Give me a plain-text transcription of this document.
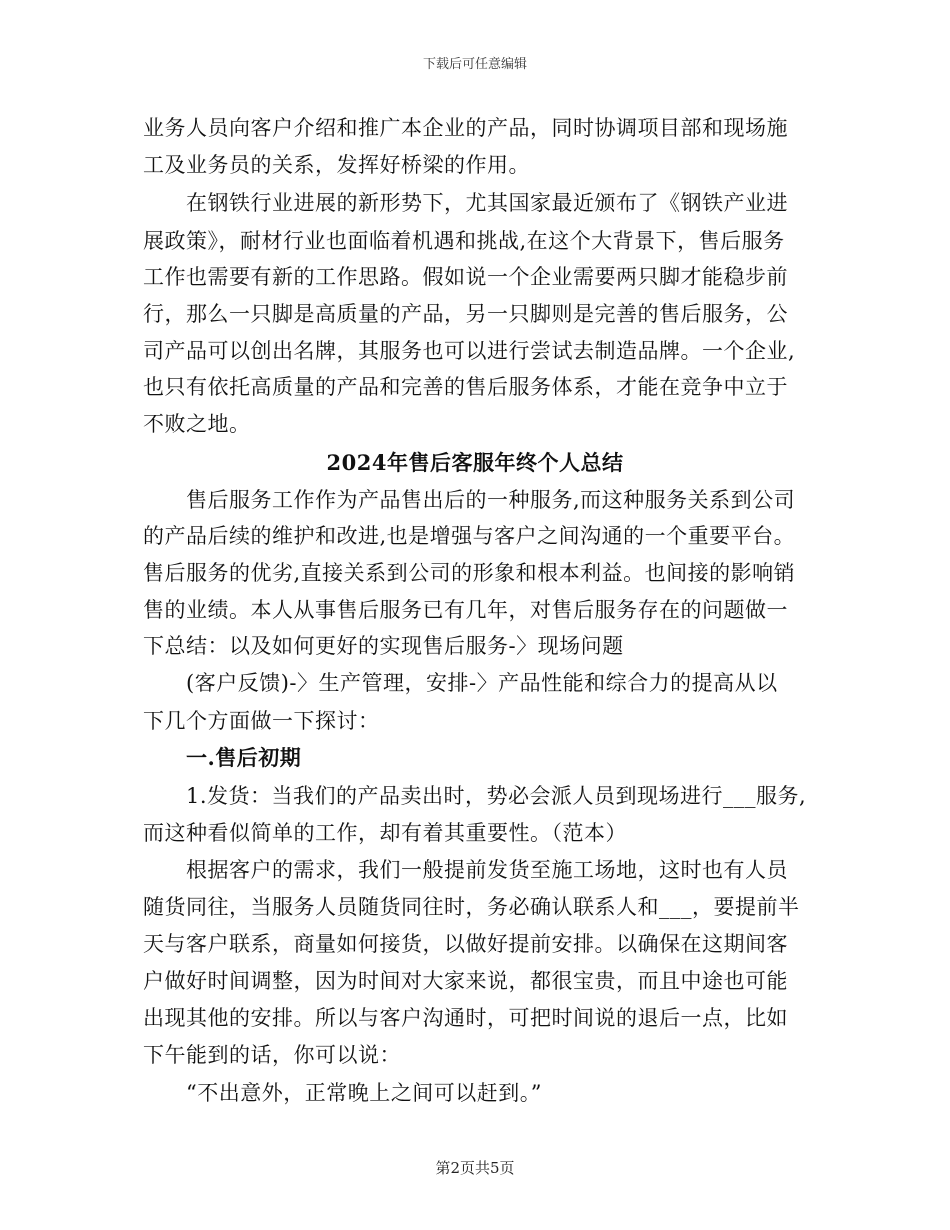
下载后可任意编辑
业务人员向客户介绍和推广本企业的产品，同时协调项目部和现场施
工及业务员的关系，发挥好桥梁的作用。
在钢铁行业进展的新形势下，尤其国家最近颁布了《钢铁产业进
展政策》，耐材行业也面临着机遇和挑战,在这个大背景下，售后服务
工作也需要有新的工作思路。假如说一个企业需要两只脚才能稳步前
行，那么一只脚是高质量的产品，另一只脚则是完善的售后服务，公
司产品可以创出名牌，其服务也可以进行尝试去制造品牌。一个企业,
也只有依托高质量的产品和完善的售后服务体系，才能在竞争中立于
不败之地。
2024年售后客服年终个人总结
售后服务工作作为产品售出后的一种服务,而这种服务关系到公司
的产品后续的维护和改进,也是增强与客户之间沟通的一个重要平台。
售后服务的优劣,直接关系到公司的形象和根本利益。也间接的影响销
售的业绩。本人从事售后服务已有几年，对售后服务存在的问题做一
下总结：以及如何更好的实现售后服务-〉现场问题
(客户反馈)-〉生产管理，安排-〉产品性能和综合力的提高从以
下几个方面做一下探讨：
一.售后初期
1.发货：当我们的产品卖出时，势必会派人员到现场进行___服务,
而这种看似简单的工作，却有着其重要性。（范本）
根据客户的需求，我们一般提前发货至施工场地，这时也有人员
随货同往，当服务人员随货同往时，务必确认联系人和___，要提前半
天与客户联系，商量如何接货，以做好提前安排。以确保在这期间客
户做好时间调整，因为时间对大家来说，都很宝贵，而且中途也可能
出现其他的安排。所以与客户沟通时，可把时间说的退后一点，比如
下午能到的话，你可以说：
“不出意外，正常晚上之间可以赶到。”
第2页共5页
